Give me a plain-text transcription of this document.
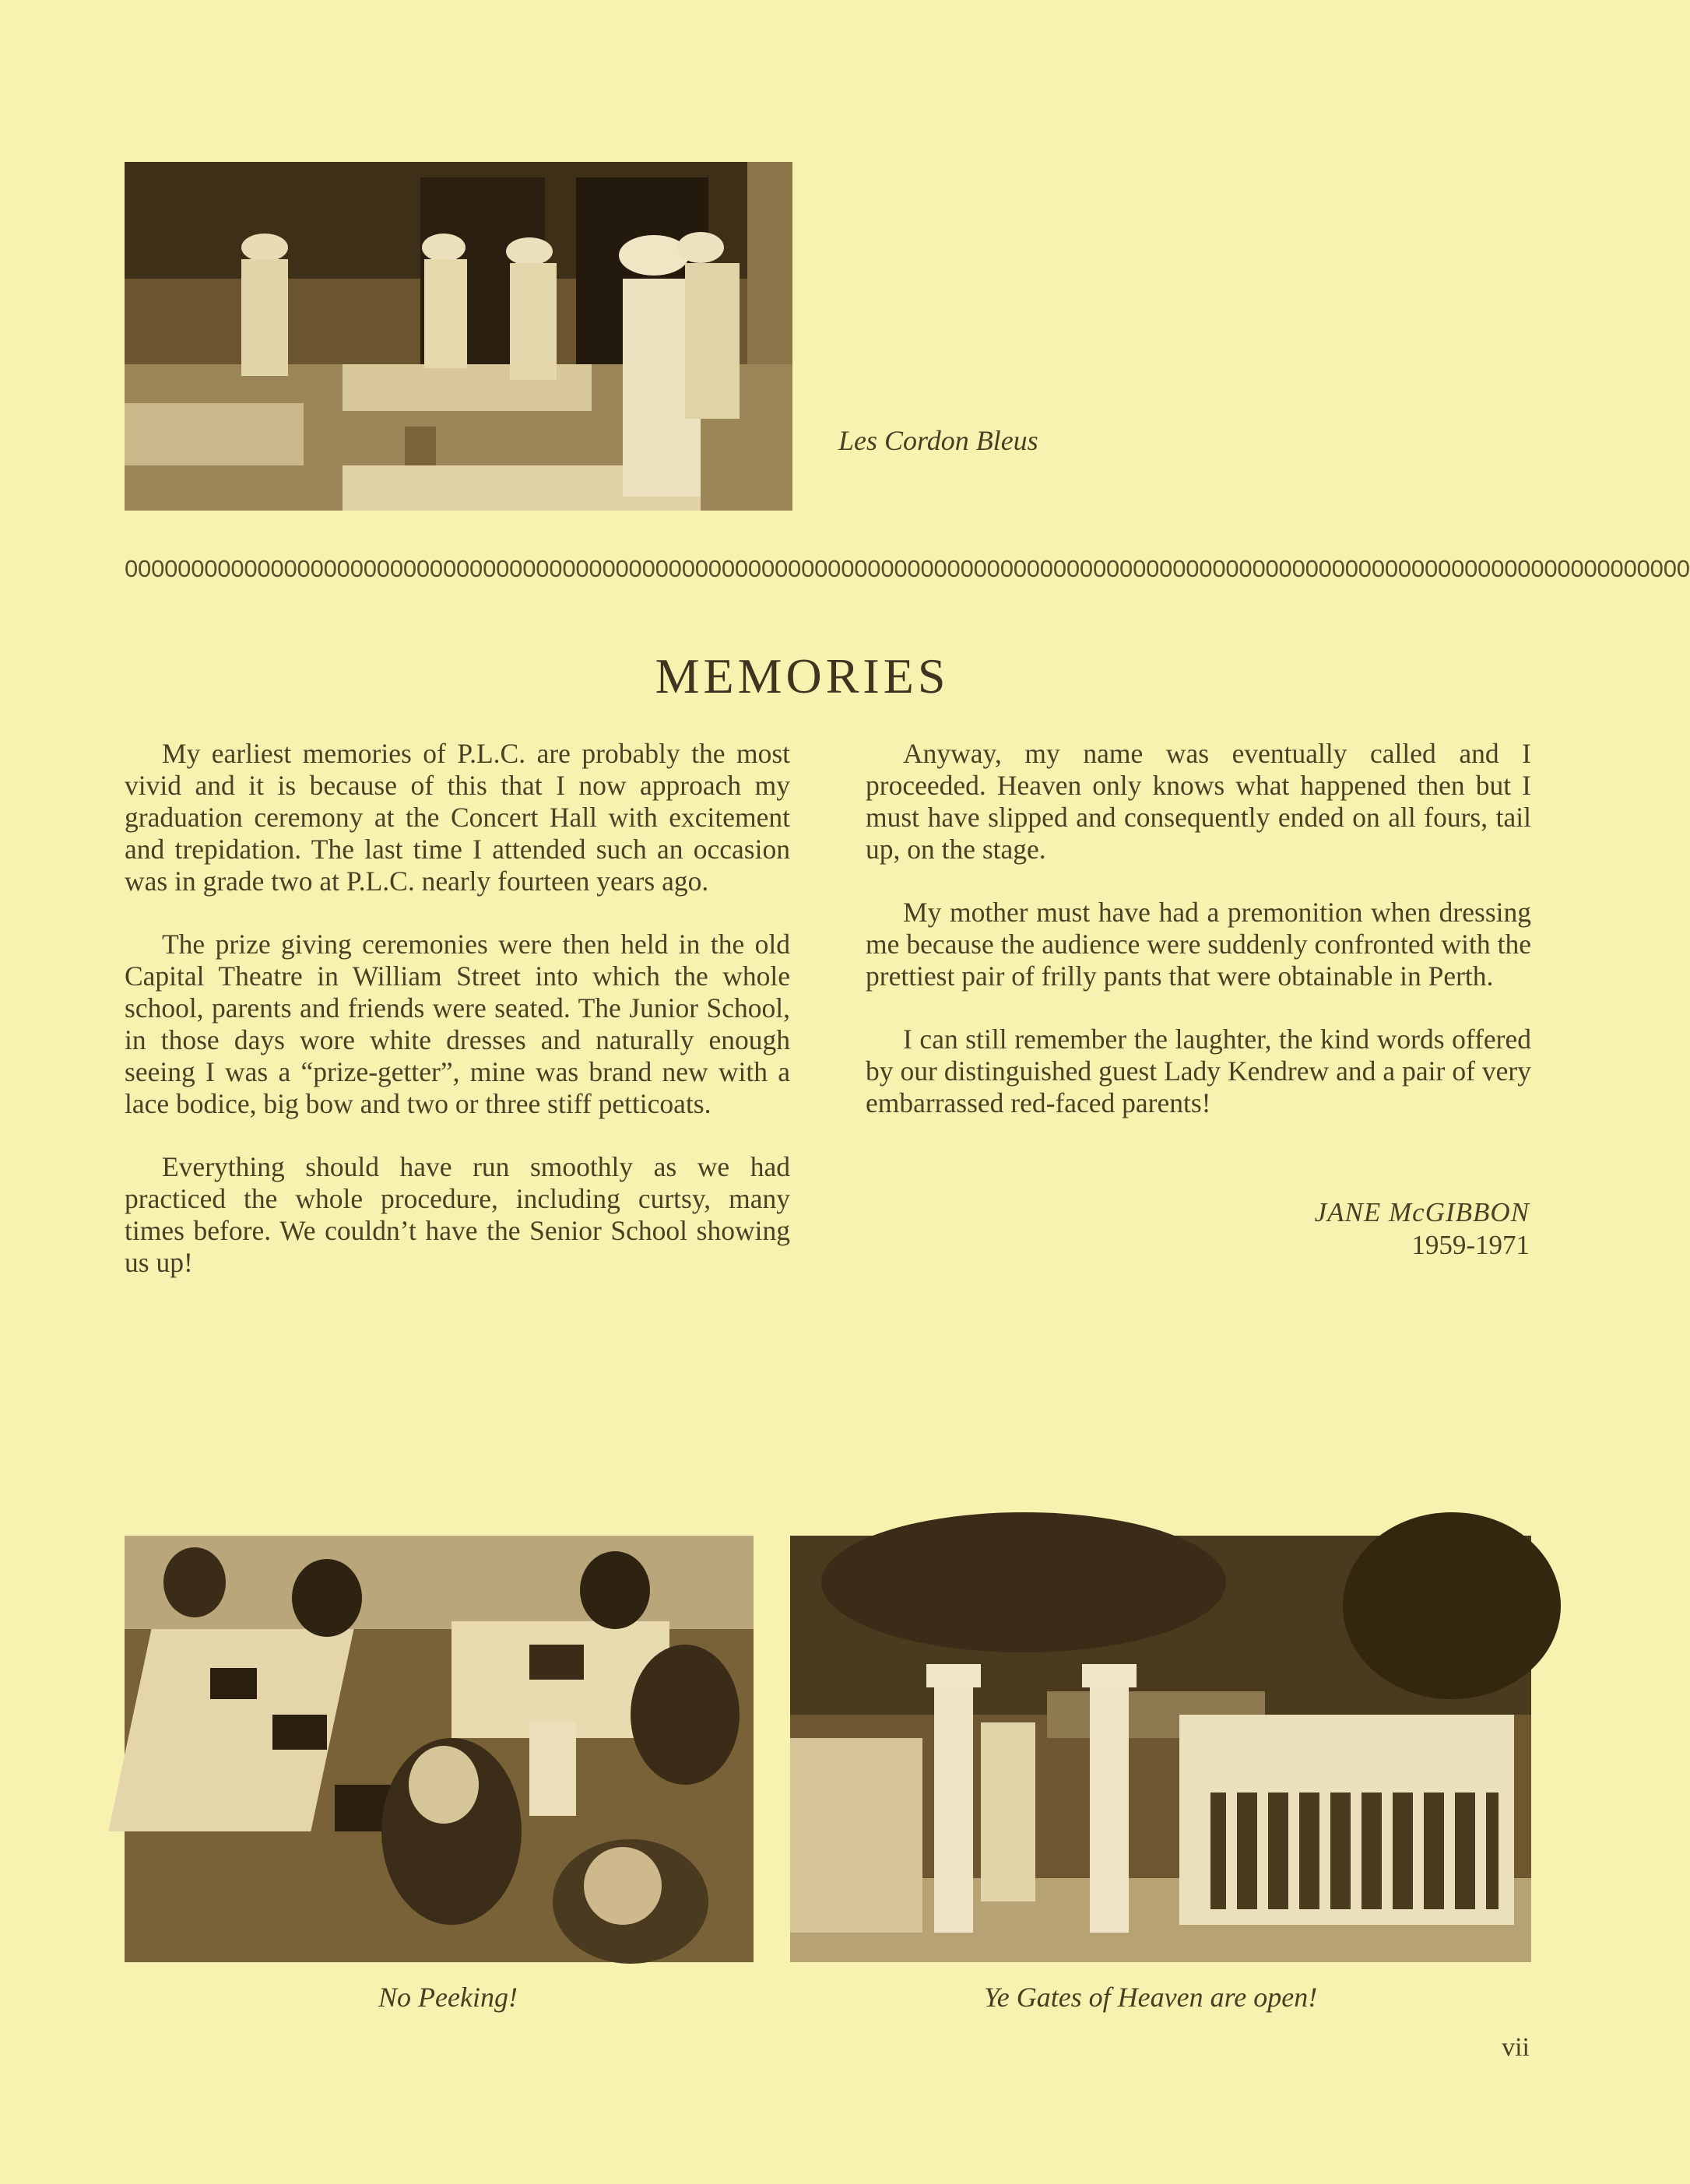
Les Cordon Bleus
0000000000000000000000000000000000000000000000000000000000000000000000000000000000000000000000000000000000000000000000
MEMORIES

My earliest memories of P.L.C. are probably the most vivid and it is because of this that I now approach my graduation ceremony at the Concert Hall with excitement and trepidation. The last time I attended such an occasion was in grade two at P.L.C. nearly fourteen years ago.

The prize giving ceremonies were then held in the old Capital Theatre in William Street into which the whole school, parents and friends were seated. The Junior School, in those days wore white dresses and naturally enough seeing I was a “prize-getter”, mine was brand new with a lace bodice, big bow and two or three stiff petticoats.

Everything should have run smoothly as we had practiced the whole procedure, including curtsy, many times before. We couldn’t have the Senior School showing us up!

Anyway, my name was eventually called and I proceeded. Heaven only knows what happened then but I must have slipped and consequently ended on all fours, tail up, on the stage.

My mother must have had a premonition when dressing me because the audience were suddenly confronted with the prettiest pair of frilly pants that were obtainable in Perth.

I can still remember the laughter, the kind words offered by our distinguished guest Lady Kendrew and a pair of very embarrassed red-faced parents!

JANE McGIBBON
1959-1971
No Peeking!	Ye Gates of Heaven are open!
vii
